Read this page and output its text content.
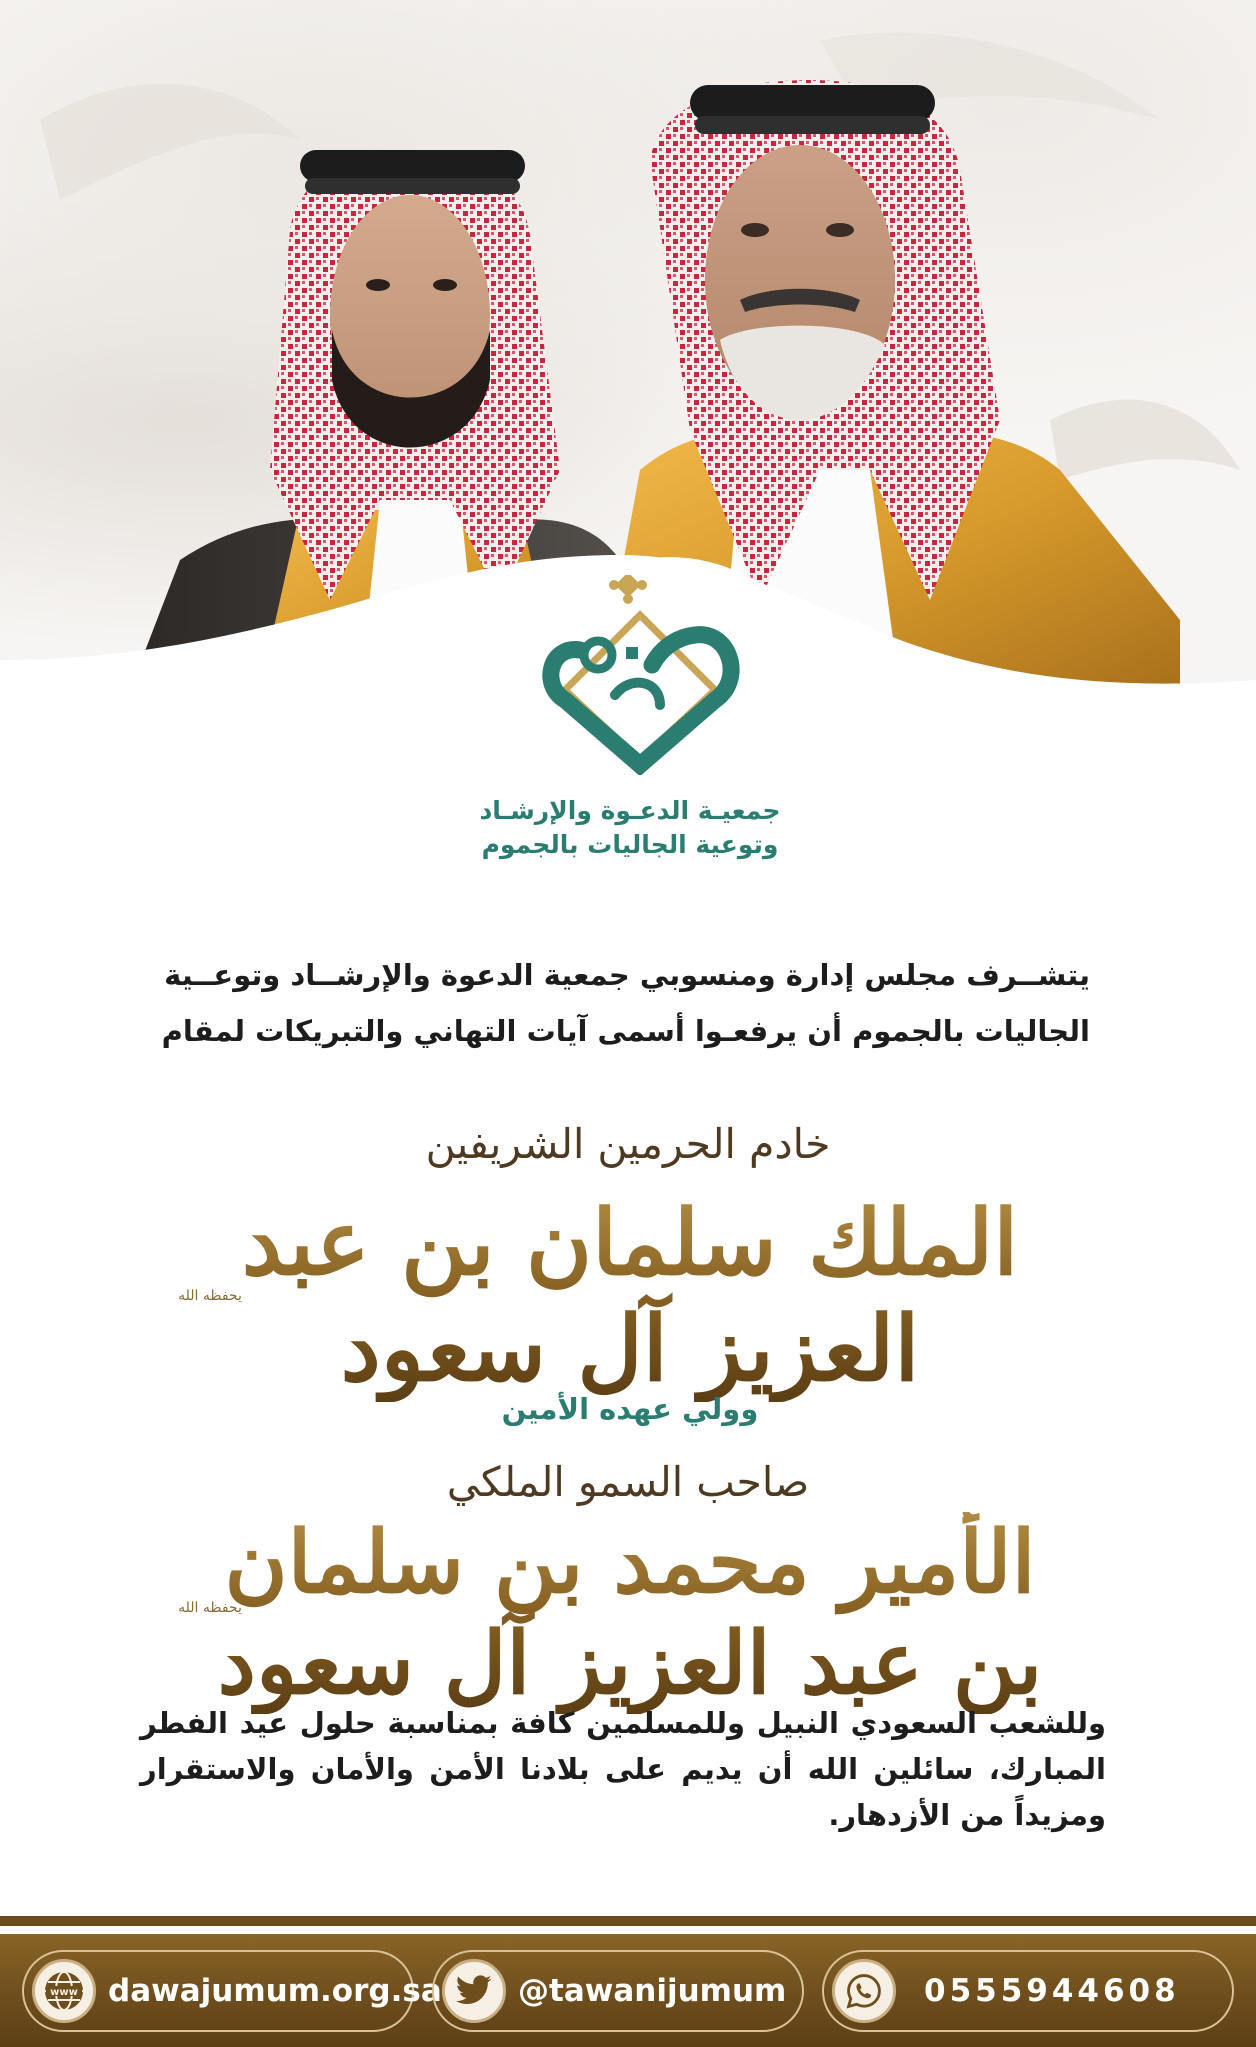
جمعيـة الدعـوة والإرشـاد
وتوعية الجاليات بالجموم
يتشــرف مجلس إدارة ومنسوبي جمعية الدعوة والإرشــاد وتوعــية
الجاليات بالجموم أن يرفعـوا أسمى آيات التهاني والتبريكات لمقام
خادم الحرمين الشريفين
الملك سلمان بن عبد العزيز آل سعود
يحفظه الله
وولي عهده الأمين
صاحب السمو الملكي
الأمير محمد بن سلمان بن عبد العزيز آل سعود
يحفظه الله
وللشعب السعودي النبيل وللمسلمين كافة بمناسبة حلول عيد الفطر المبارك، سائلين الله أن يديم على بلادنا الأمن والأمان والاستقرار ومزيداً من الأزدهار.
www dawajumum.org.sa @tawanijumum	0555944608
